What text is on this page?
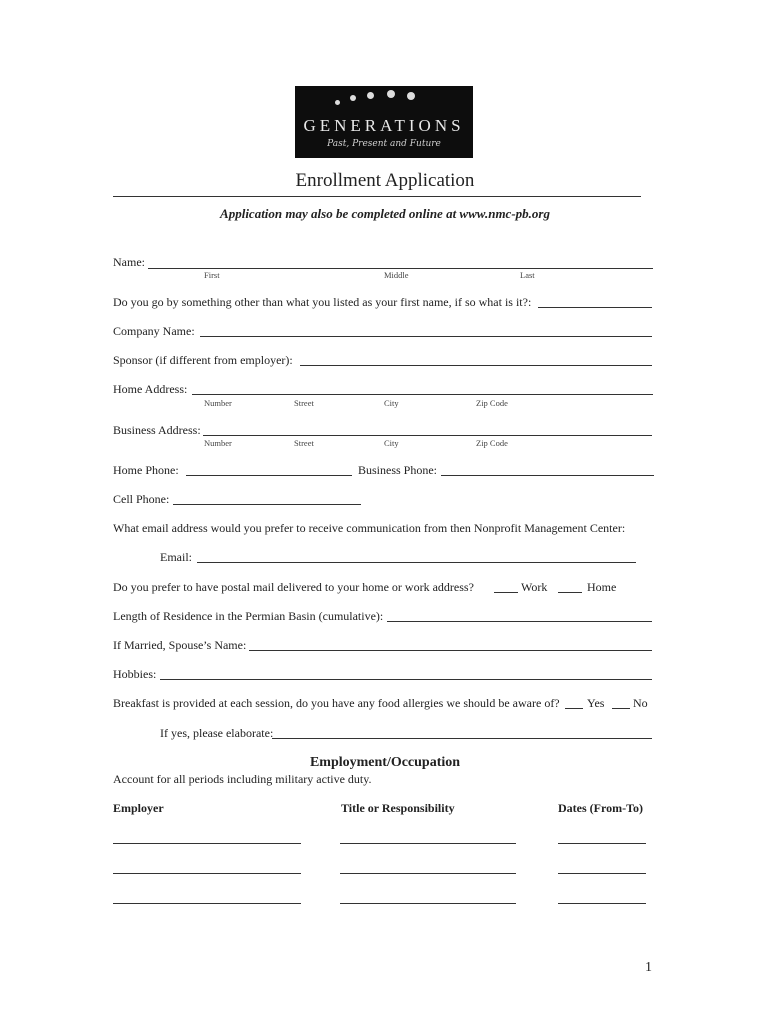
GENERATIONS
Past, Present and Future
Enrollment Application
Application may also be completed online at www.nmc-pb.org
Name:
First	Middle	Last
Do you go by something other than what you listed as your first name, if so what is it?:
Company Name:
Sponsor (if different from employer):
Home Address:
Number	Street	City	Zip Code
Business Address:
Number	Street	City	Zip Code
Home Phone:	Business Phone:
Cell Phone:
What email address would you prefer to receive communication from then Nonprofit Management Center:
Email:
Do you prefer to have postal mail delivered to your home or work address?	Work	Home
Length of Residence in the Permian Basin (cumulative):
If Married, Spouse’s Name:
Hobbies:
Breakfast is provided at each session, do you have any food allergies we should be aware of? Yes No
If yes, please elaborate:
Employment/Occupation
Account for all periods including military active duty.
Employer	Title or Responsibility	Dates (From-To)
1
